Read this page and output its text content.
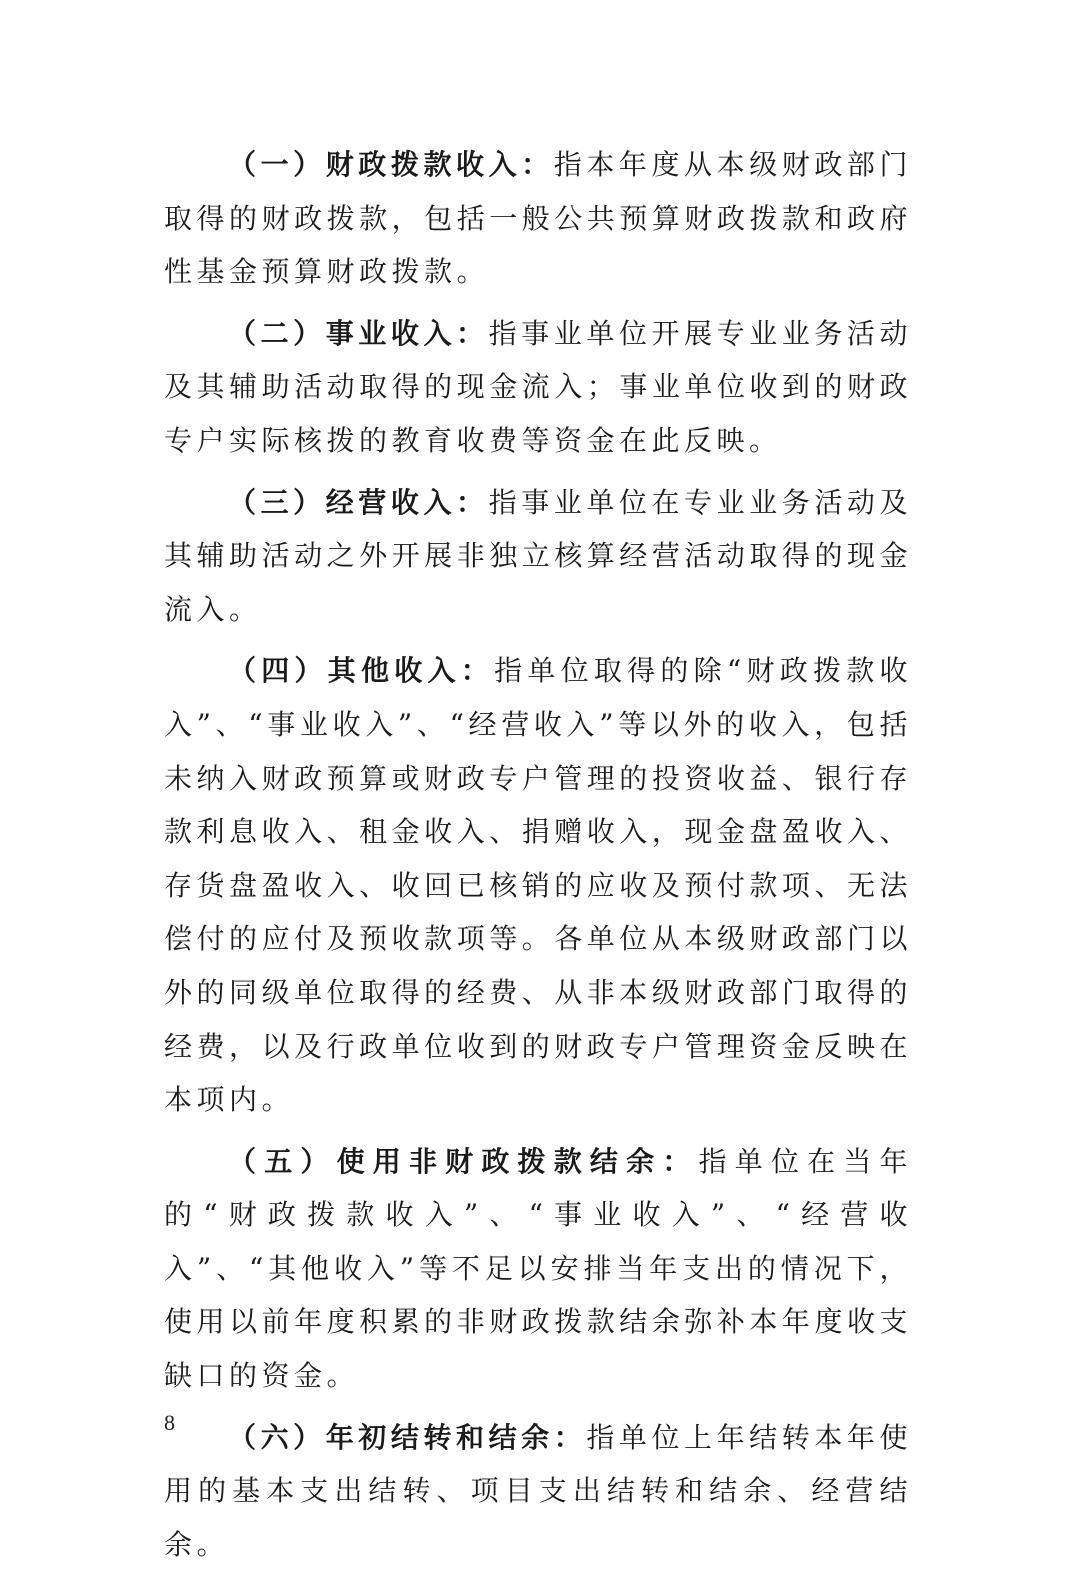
（一）财政拨款收入：指本年度从本级财政部门取得的财政拨款，包括一般公共预算财政拨款和政府性基金预算财政拨款。

（二）事业收入：指事业单位开展专业业务活动及其辅助活动取得的现金流入；事业单位收到的财政专户实际核拨的教育收费等资金在此反映。

（三）经营收入：指事业单位在专业业务活动及其辅助活动之外开展非独立核算经营活动取得的现金流入。

（四）其他收入：指单位取得的除“财政拨款收入”、“事业收入”、“经营收入”等以外的收入，包括未纳入财政预算或财政专户管理的投资收益、银行存款利息收入、租金收入、捐赠收入，现金盘盈收入、存货盘盈收入、收回已核销的应收及预付款项、无法偿付的应付及预收款项等。各单位从本级财政部门以外的同级单位取得的经费、从非本级财政部门取得的经费，以及行政单位收到的财政专户管理资金反映在本项内。

（五）使用非财政拨款结余：指单位在当年的“财政拨款收入”、“事业收入”、“经营收入”、“其他收入”等不足以安排当年支出的情况下，使用以前年度积累的非财政拨款结余弥补本年度收支缺口的资金。

（六）年初结转和结余：指单位上年结转本年使用的基本支出结转、项目支出结转和结余、经营结余。

8
